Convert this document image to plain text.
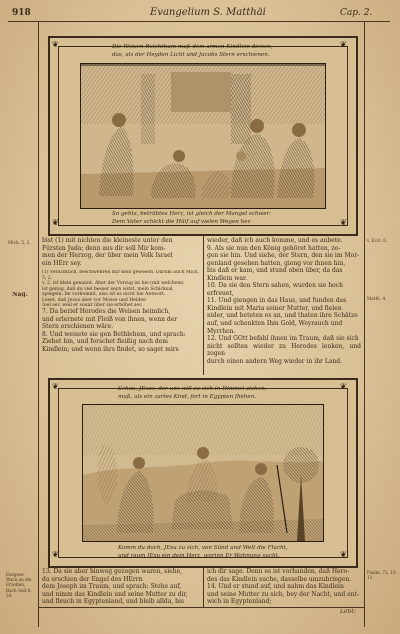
918	Evangelium S. Matthäi	Cap. 2.
❦	❦
❦	❦
Die Weisen Reichthum muß dem armen Kindlein dienen,
das, als der Heyden Licht und Jacobs Stern erschienen.
So gehts, betrübtes Herz, ist gleich der Mangel schwer:
Dem Vater schickt die Hülf auf vielen Wegen her.
Mich. 5, 2.
Nag.

bist (1) mit nichten die kleineste unter den

Fürsten Juda; denn aus dir soll Mir kom-

men der Herzog, der über mein Volk Israel

ein HErr sey.

(1) Verächtlich, beschwehren mir kein gewesen. Darum auch Mich. 5, 2.
v. 2. ist klein genannt. Aber der Vorzug ist hie (mit welchem)
ist genug, daß du viel besser seyn wirst, mein Schicksal
spiegeln. Im vorkommt, also ist es nicht hie Antwort.
Leset, daß Jesus aber vor Mosse und Helden
Joel sey, weil er sogar über sie erhöhet sey.

7. Da berief Herodes die Weisen heimlich,

und erlernete mit Fleiß von ihnen, wenn der

Stern erschienen wäre.

8. Und weisete sie gen Bethlehem, und sprach:

Ziehet hin, und forschet fleißig nach dem

Kindlein; und wenn ihrs findet, so saget mirs

wieder, daß ich auch komme, und es anbete.

9. Als sie nun den König gehöret hatten, zo-

gen sie hin. Und siehe, der Stern, den sie im Mor-

genland gesehen hatten, gieng vor ihnen hin,

bis daß er kam, und stund oben über, da das

Kindlein war.

10. Da sie den Stern sahen, wurden sie hoch

erfreuet,

11. Und giengen in das Haus, und funden das

Kindlein mit Maria seiner Mutter, und fielen

nider, und beteten es an, und thaten ihre Schätze

auf, und schenkten Ihm Gold, Weyrauch und

Myrrhen.

12. Und GOtt befahl ihnen im Traum, daß sie sich

nicht sollten wieder zu Herodes lenken, und zogen

durch einen andern Weg wieder in ihr Land.

❦	❦
❦	❦
Schau, JEsus, der uns will zu sich in Himmel ziehen,
muß, als ein zartes Kind, fort in Egypten fliehen.
Komm du doch, JEsu zu sich, von Sünd und Welt die Flucht,
und raum JEsu ein dein Herz, worinn Er Wohnung sucht.
Exegese, Warn an die Erzeiten, Bach Sud 8, 34.

13. Da sie aber hinweg gezogen waren, siehe,

da erschien der Engel des HErrn

dem Joseph im Traum, und sprach: Stehe auf,

und nimm das Kindlein und seine Mutter zu dir,

und fleuch in Egyptenland, und bleib allda, bis

ich dir sage. Denn es ist vorhanden, daß Hero-

des das Kindlein suche, dasselbe umzubringen.

14. Und er stund auf, und nahm das Kindlein

und seine Mutter zu sich, bey der Nacht, und ent-

wich in Egyptenland;

Lebt:
v. Eccl. 6.
Matth. 4.
Psalm. 72, 10. 11.
